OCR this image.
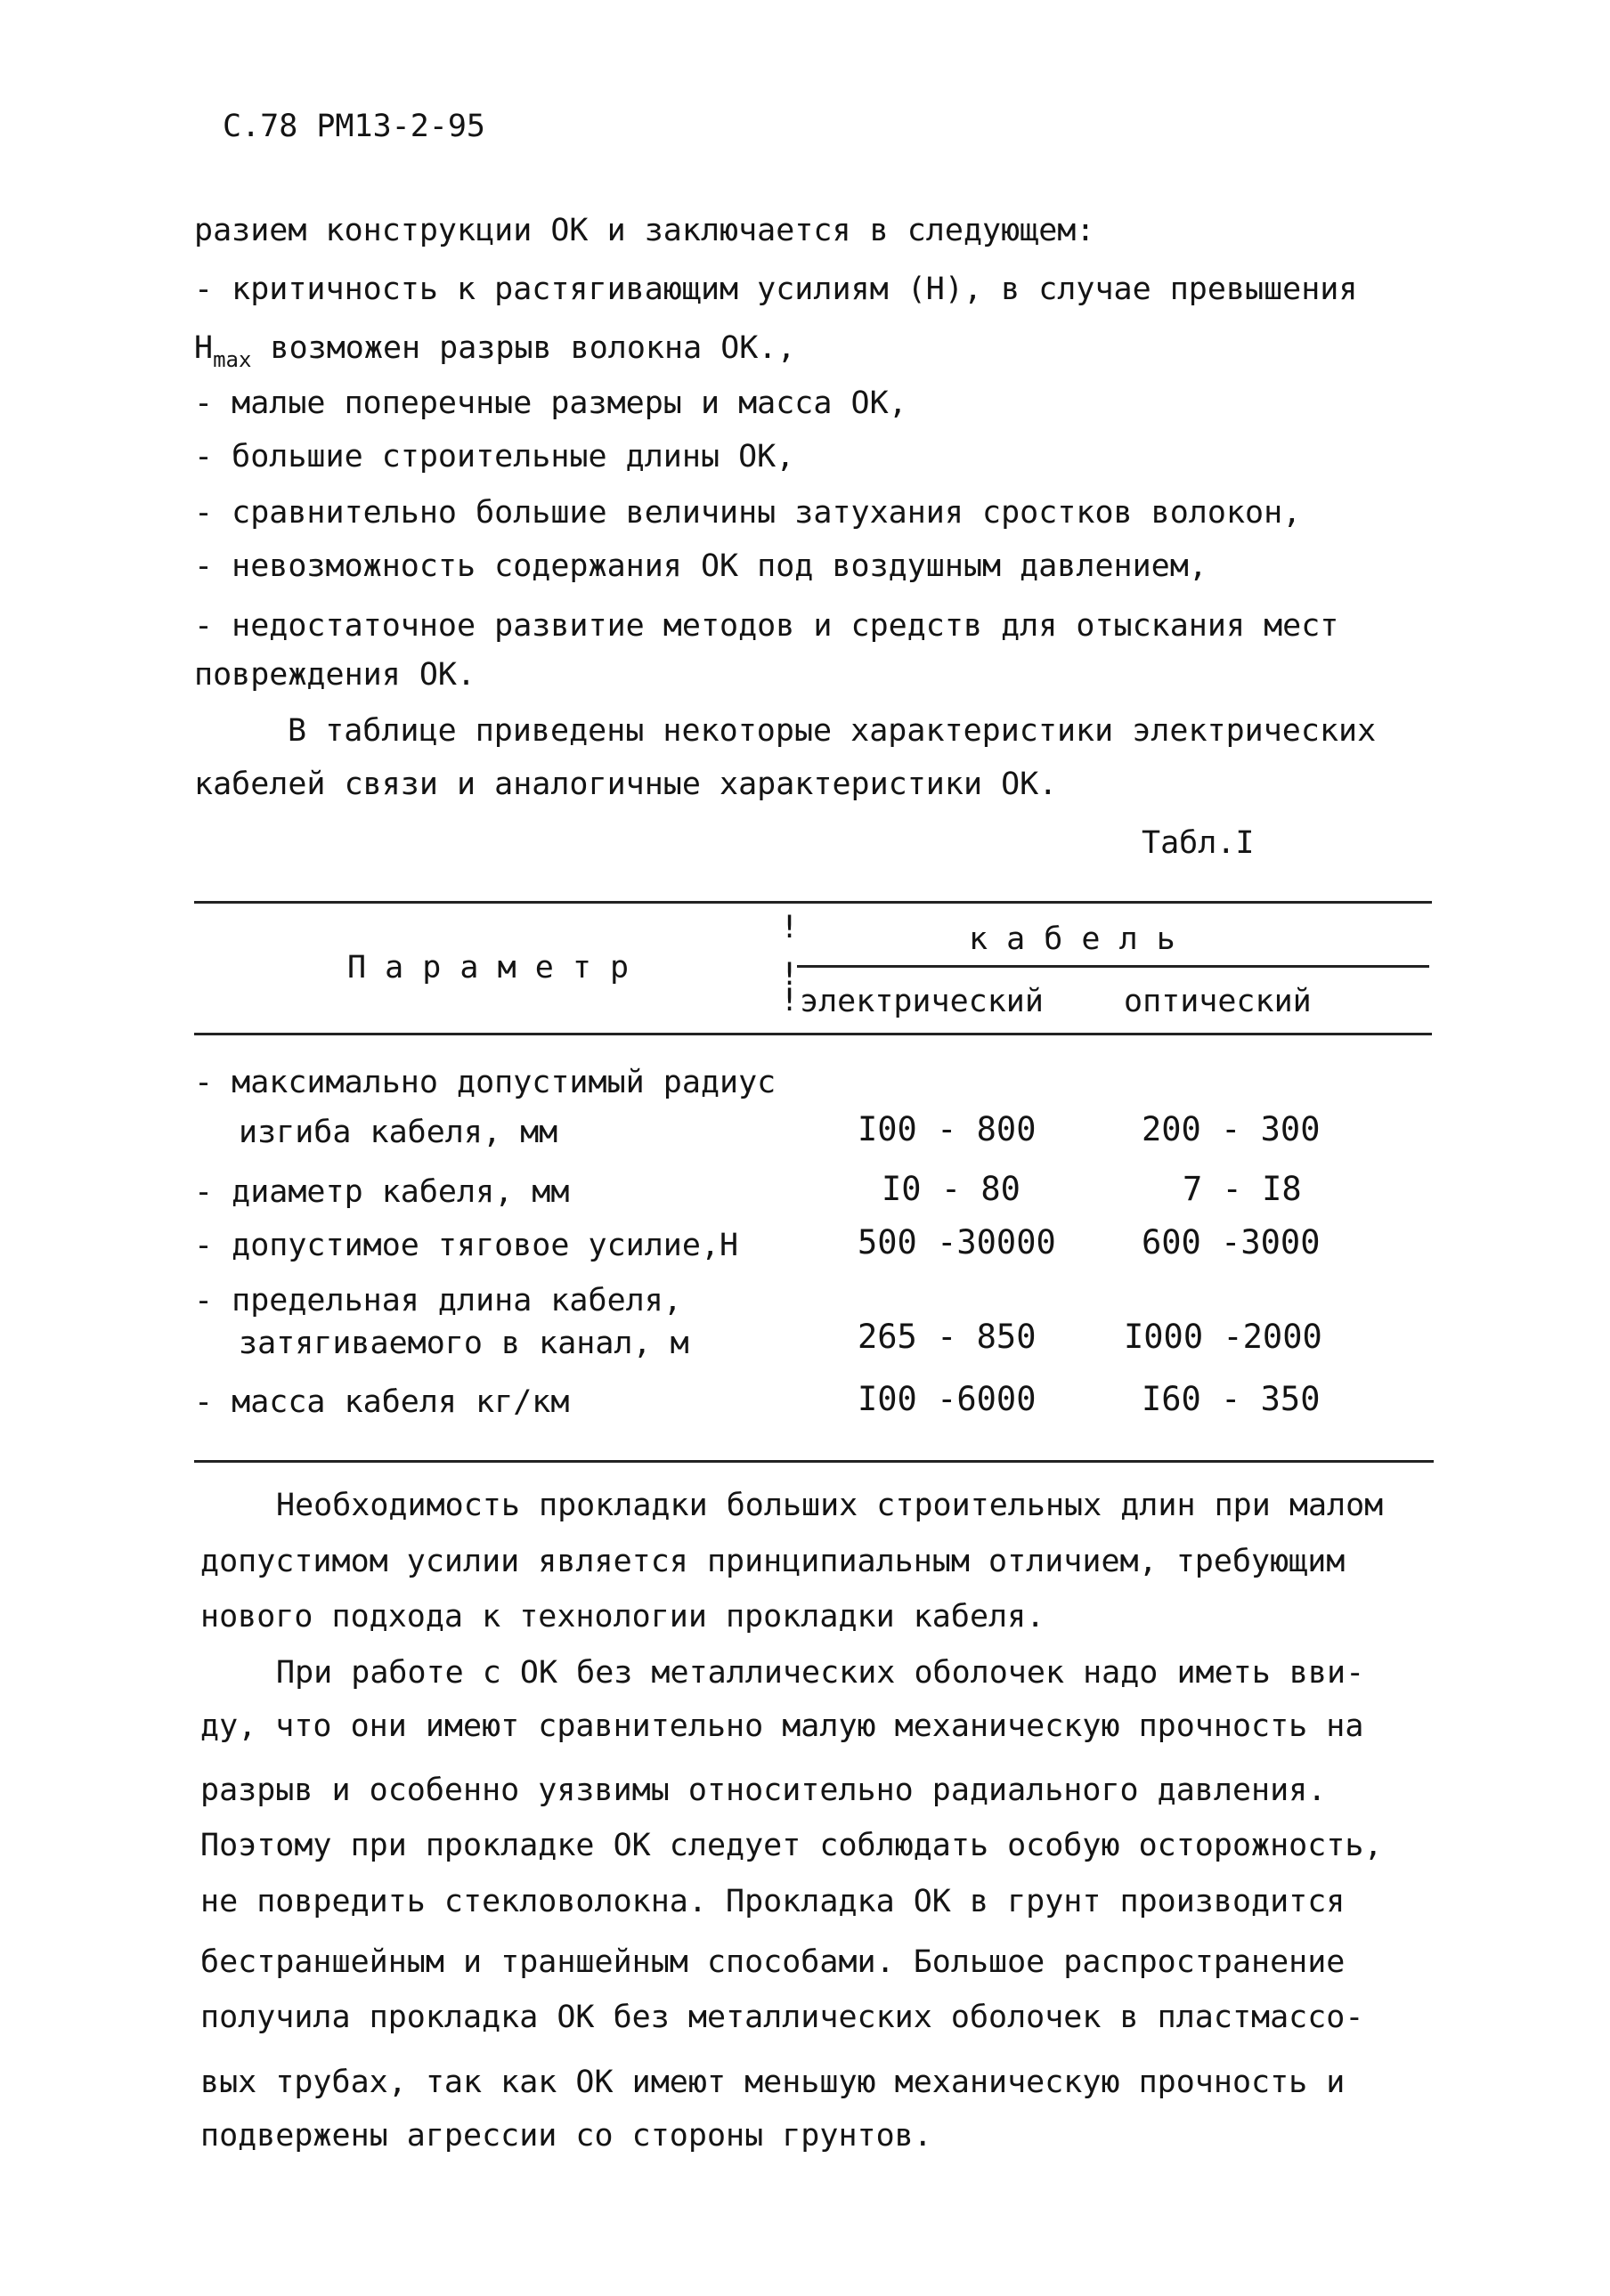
С.78 РМ13-2-95
разием конструкции ОК и заключается в следующем:
- критичность к растягивающим усилиям (Н), в случае превышения
$Н_{max}$ возможен разрыв волокна ОК.,
- малые поперечные размеры и масса ОК,
- большие строительные длины ОК,
- сравнительно большие величины затухания сростков волокон,
- невозможность содержания ОК под воздушным давлением,
- недостаточное развитие методов и средств для отыскания мест
повреждения ОК.
В таблице приведены некоторые характеристики электрических
кабелей связи и аналогичные характеристики ОК.
Табл.I
П а р а м е т р
!
!
!
к а б е л ь
электрический	оптический
- максимально допустимый радиус
изгиба кабеля, мм	I00 - 800	200 - 300
- диаметр кабеля, мм	I0 - 80	7 - I8
- допустимое тяговое усилие,Н	500 -30000	600 -3000
- предельная длина кабеля,
затягиваемого в канал, м	265 - 850	I000 -2000
- масса кабеля кг/км	I00 -6000	I60 - 350
Необходимость прокладки больших строительных длин при малом
допустимом усилии является принципиальным отличием, требующим
нового подхода к технологии прокладки кабеля.
При работе с ОК без металлических оболочек надо иметь вви-
ду, что они имеют сравнительно малую механическую прочность на
разрыв и особенно уязвимы относительно радиального давления.
Поэтому при прокладке ОК следует соблюдать особую осторожность,
не повредить стекловолокна. Прокладка ОК в грунт производится
бестраншейным и траншейным способами. Большое распространение
получила прокладка ОК без металлических оболочек в пластмассо-
вых трубах, так как ОК имеют меньшую механическую прочность и
подвержены агрессии со стороны грунтов.
